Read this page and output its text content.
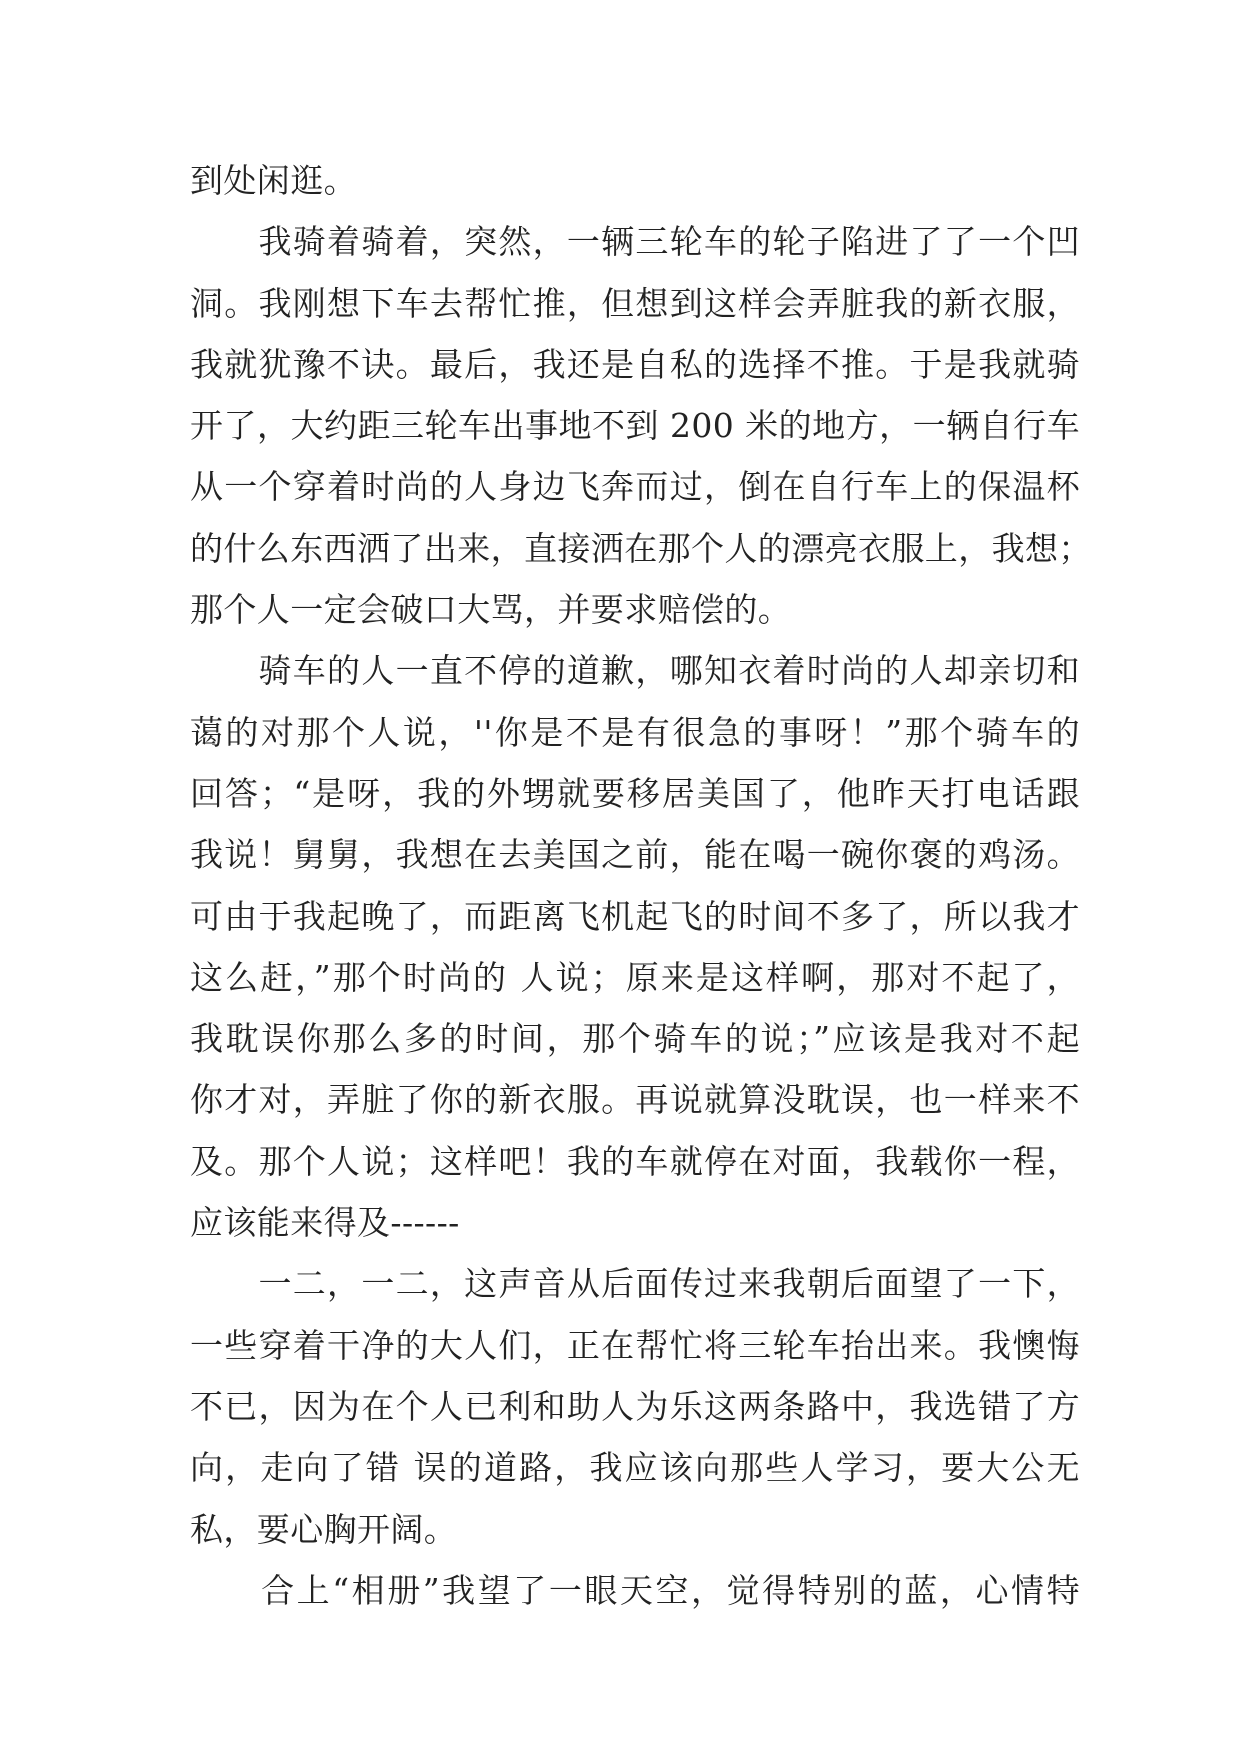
到处闲逛。
　　我骑着骑着，突然，一辆三轮车的轮子陷进了了一个凹
洞。我刚想下车去帮忙推，但想到这样会弄脏我的新衣服，
我就犹豫不诀。最后，我还是自私的选择不推。于是我就骑
开了，大约距三轮车出事地不到 200 米的地方，一辆自行车
从一个穿着时尚的人身边飞奔而过，倒在自行车上的保温杯
的什么东西洒了出来，直接洒在那个人的漂亮衣服上，我想；
那个人一定会破口大骂，并要求赔偿的。
　　骑车的人一直不停的道歉，哪知衣着时尚的人却亲切和
蔼的对那个人说，''你是不是有很急的事呀！”那个骑车的
回答；“是呀，我的外甥就要移居美国了，他昨天打电话跟
我说！舅舅，我想在去美国之前，能在喝一碗你褒的鸡汤。
可由于我起晚了，而距离飞机起飞的时间不多了，所以我才
这么赶，”那个时尚的 人说；原来是这样啊，那对不起了，
我耽误你那么多的时间，那个骑车的说；”应该是我对不起
你才对，弄脏了你的新衣服。再说就算没耽误，也一样来不
及。那个人说；这样吧！我的车就停在对面，我载你一程，
应该能来得及------
　　一二，一二，这声音从后面传过来我朝后面望了一下，
一些穿着干净的大人们，正在帮忙将三轮车抬出来。我懊悔
不已，因为在个人已利和助人为乐这两条路中，我选错了方
向，走向了错 误的道路，我应该向那些人学习，要大公无
私，要心胸开阔。
　　合上“相册”我望了一眼天空，觉得特别的蓝，心情特
